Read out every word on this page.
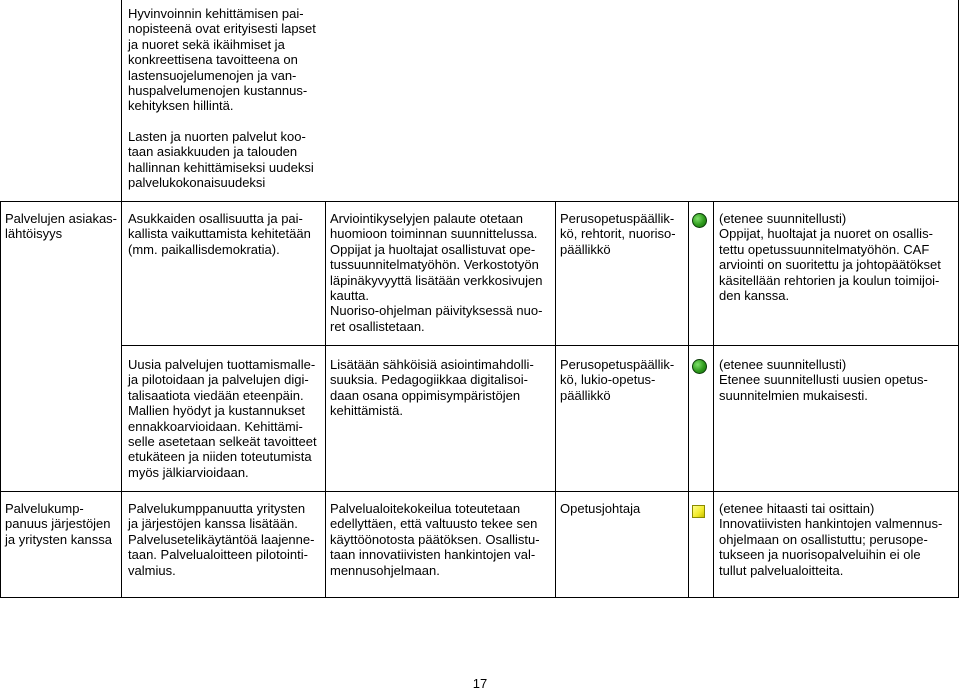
Hyvinvoinnin kehittämisen pai-
nopisteenä ovat erityisesti lapset
ja nuoret sekä ikäihmiset ja
konkreettisena tavoitteena on
lastensuojelumenojen ja van-
huspalvelumenojen kustannus-
kehityksen hillintä.
Lasten ja nuorten palvelut koo-
taan asiakkuuden ja talouden
hallinnan kehittämiseksi uudeksi
palvelukokonaisuudeksi
Palvelujen asiakas-
lähtöisyys
Asukkaiden osallisuutta ja pai-
kallista vaikuttamista kehitetään
(mm. paikallisdemokratia).
Arviointikyselyjen palaute otetaan
huomioon toiminnan suunnittelussa.
Oppijat ja huoltajat osallistuvat ope-
tussuunnitelmatyöhön. Verkostotyön
läpinäkyvyyttä lisätään verkkosivujen
kautta.
Nuoriso-ohjelman päivityksessä nuo-
ret osallistetaan.
Perusopetuspäällik-
kö, rehtorit, nuoriso-
päällikkö
(etenee suunnitellusti)
Oppijat, huoltajat ja nuoret on osallis-
tettu opetussuunnitelmatyöhön. CAF
arviointi on suoritettu ja johtopäätökset
käsitellään rehtorien ja koulun toimijoi-
den kanssa.
Uusia palvelujen tuottamismalle-
ja pilotoidaan ja palvelujen digi-
talisaatiota viedään eteenpäin.
Mallien hyödyt ja kustannukset
ennakkoarvioidaan. Kehittämi-
selle asetetaan selkeät tavoitteet
etukäteen ja niiden toteutumista
myös jälkiarvioidaan.
Lisätään sähköisiä asiointimahdolli-
suuksia. Pedagogiikkaa digitalisoi-
daan osana oppimisympäristöjen
kehittämistä.
Perusopetuspäällik-
kö, lukio-opetus-
päällikkö
(etenee suunnitellusti)
Etenee suunnitellusti uusien opetus-
suunnitelmien mukaisesti.
Palvelukump-
panuus järjestöjen
ja yritysten kanssa
Palvelukumppanuutta yritysten
ja järjestöjen kanssa lisätään.
Palvelusetelikäytäntöä laajenne-
taan. Palvelualoitteen pilotointi-
valmius.
Palvelualoitekokeilua toteutetaan
edellyttäen, että valtuusto tekee sen
käyttöönotosta päätöksen. Osallistu-
taan innovatiivisten hankintojen val-
mennusohjelmaan.
Opetusjohtaja	(etenee hitaasti tai osittain)
Innovatiivisten hankintojen valmennus-
ohjelmaan on osallistuttu; perusope-
tukseen ja nuorisopalveluihin ei ole
tullut palvelualoitteita.
17
